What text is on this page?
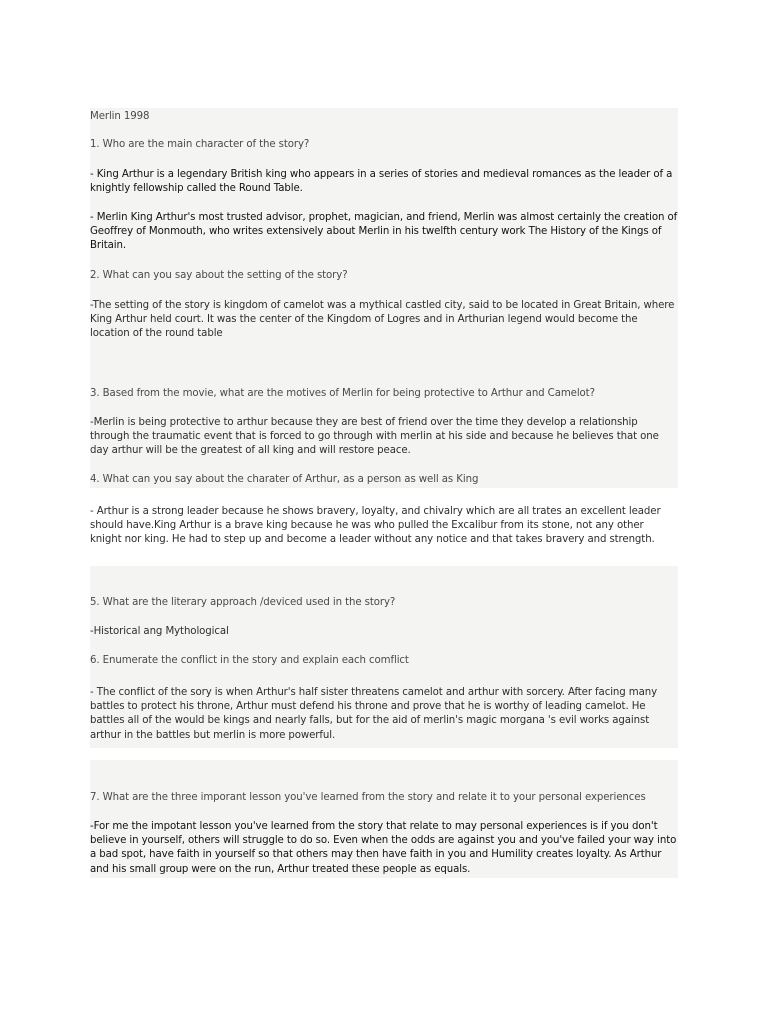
Merlin 1998

1. Who are the main character of the story?

- King Arthur is a legendary British king who appears in a series of stories and medieval romances as the leader of a knightly fellowship called the Round Table.

- Merlin King Arthur's most trusted advisor, prophet, magician, and friend, Merlin was almost certainly the creation of Geoffrey of Monmouth, who writes extensively about Merlin in his twelfth century work The History of the Kings of Britain.

2. What can you say about the setting of the story?

-The setting of the story is kingdom of camelot was a mythical castled city, said to be located in Great Britain, where King Arthur held court. It was the center of the Kingdom of Logres and in Arthurian legend would become the location of the round table

3. Based from the movie, what are the motives of Merlin for being protective to Arthur and Camelot?

-Merlin is being protective to arthur because they are best of friend over the time they develop a relationship through the traumatic event that is forced to go through with merlin at his side and because he believes that one day arthur will be the greatest of all king and will restore peace.

4. What can you say about the charater of Arthur, as a person as well as King

- Arthur is a strong leader because he shows bravery, loyalty, and chivalry which are all trates an excellent leader should have.King Arthur is a brave king because he was who pulled the Excalibur from its stone, not any other knight nor king. He had to step up and become a leader without any notice and that takes bravery and strength.

5. What are the literary approach /deviced used in the story?

-Historical ang Mythological

6. Enumerate the conflict in the story and explain each comflict

- The conflict of the sory is when Arthur's half sister threatens camelot and arthur with sorcery. After facing many battles to protect his throne, Arthur must defend his throne and prove that he is worthy of leading camelot. He battles all of the would be kings and nearly falls, but for the aid of merlin's magic morgana 's evil works against arthur in the battles but merlin is more powerful.

7. What are the three imporant lesson you've learned from the story and relate it to your personal experiences

-For me the impotant lesson you've learned from the story that relate to may personal experiences is if you don't believe in yourself, others will struggle to do so. Even when the odds are against you and you've failed your way into a bad spot, have faith in yourself so that others may then have faith in you and Humility creates loyalty. As Arthur and his small group were on the run, Arthur treated these people as equals.
